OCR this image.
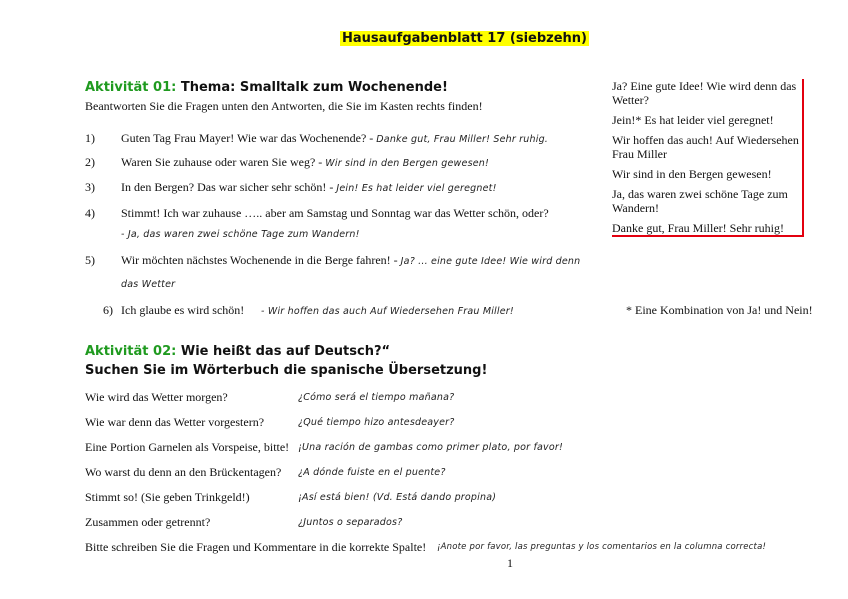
Hausaufgabenblatt 17 (siebzehn)
Aktivität 01: Thema: Smalltalk zum Wochenende!
Beantworten Sie die Fragen unten den Antworten, die Sie im Kasten rechts finden!
1) Guten Tag Frau Mayer! Wie war das Wochenende? - Danke gut, Frau Miller! Sehr ruhig.
2) Waren Sie zuhause oder waren Sie weg? - Wir sind in den Bergen gewesen!
3) In den Bergen? Das war sicher sehr schön! - Jein! Es hat leider viel geregnet!
4) Stimmt! Ich war zuhause ….. aber am Samstag und Sonntag war das Wetter schön, oder?
- Ja, das waren zwei schöne Tage zum Wandern!
5) Wir möchten nächstes Wochenende in die Berge fahren! - Ja? ... eine gute Idee! Wie wird denn
das Wetter
6) Ich glaube es wird schön! - Wir hoffen das auch Auf Wiedersehen Frau Miller!
Ja? Eine gute Idee! Wie wird denn das Wetter?
Jein!* Es hat leider viel geregnet!
Wir hoffen das auch! Auf Wiedersehen Frau Miller
Wir sind in den Bergen gewesen!
Ja, das waren zwei schöne Tage zum Wandern!
Danke gut, Frau Miller! Sehr ruhig!
* Eine Kombination von Ja! und Nein!
Aktivität 02: Wie heißt das auf Deutsch?“
Suchen Sie im Wörterbuch die spanische Übersetzung!
Wie wird das Wetter morgen?	¿Cómo será el tiempo mañana?
Wie war denn das Wetter vorgestern?	¿Qué tiempo hizo antesdeayer?
Eine Portion Garnelen als Vorspeise, bitte! ¡Una ración de gambas como primer plato, por favor!
Wo warst du denn an den Brückentagen? ¿A dónde fuiste en el puente?
Stimmt so! (Sie geben Trinkgeld!)	¡Así está bien! (Vd. Está dando propina)
Zusammen oder getrennt?	¿Juntos o separados?
Bitte schreiben Sie die Fragen und Kommentare in die korrekte Spalte! ¡Anote por favor, las preguntas y los comentarios en la columna correcta!
1
